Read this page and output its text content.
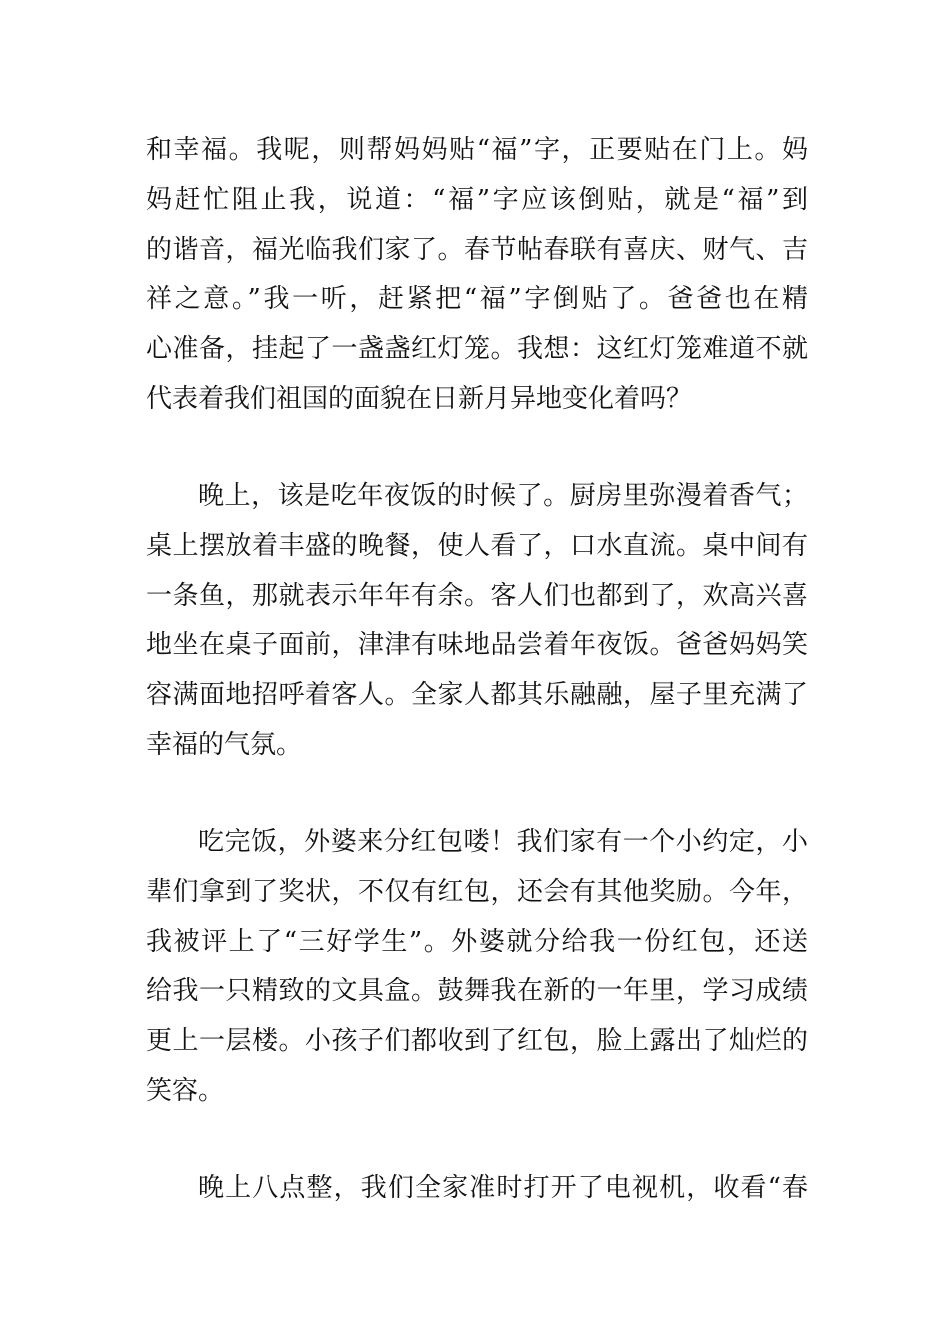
和幸福。我呢，则帮妈妈贴“福”字，正要贴在门上。妈
妈赶忙阻止我，说道：“福”字应该倒贴，就是“福”到
的谐音，福光临我们家了。春节帖春联有喜庆、财气、吉
祥之意。”我一听，赶紧把“福”字倒贴了。爸爸也在精
心准备，挂起了一盏盏红灯笼。我想：这红灯笼难道不就
代表着我们祖国的面貌在日新月异地变化着吗？
晚上，该是吃年夜饭的时候了。厨房里弥漫着香气；
桌上摆放着丰盛的晚餐，使人看了，口水直流。桌中间有
一条鱼，那就表示年年有余。客人们也都到了，欢高兴喜
地坐在桌子面前，津津有味地品尝着年夜饭。爸爸妈妈笑
容满面地招呼着客人。全家人都其乐融融，屋子里充满了
幸福的气氛。
吃完饭，外婆来分红包喽！我们家有一个小约定，小
辈们拿到了奖状，不仅有红包，还会有其他奖励。今年，
我被评上了“三好学生”。外婆就分给我一份红包，还送
给我一只精致的文具盒。鼓舞我在新的一年里，学习成绩
更上一层楼。小孩子们都收到了红包，脸上露出了灿烂的
笑容。
晚上八点整，我们全家准时打开了电视机，收看“春
